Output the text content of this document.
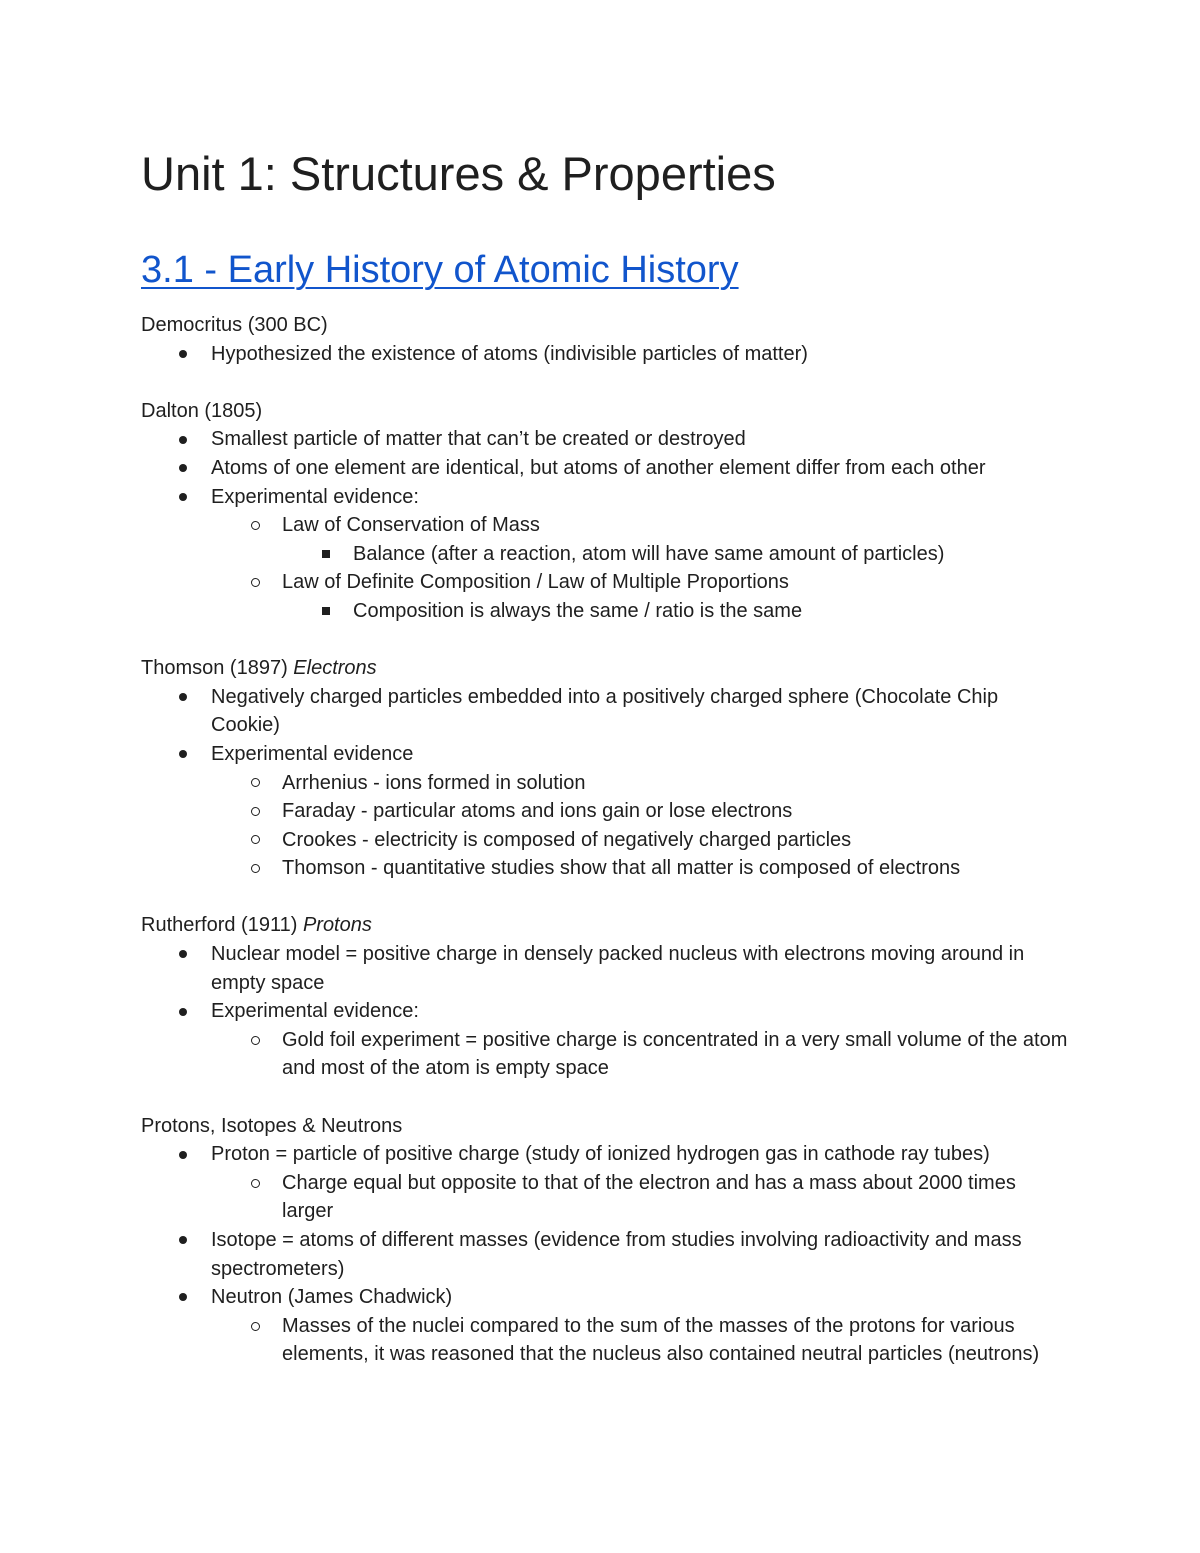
Unit 1: Structures & Properties
3.1 - Early History of Atomic History

Democritus (300 BC)

Hypothesized the existence of atoms (indivisible particles of matter)

Dalton (1805)

Smallest particle of matter that can’t be created or destroyed
Atoms of one element are identical, but atoms of another element differ from each other
Experimental evidence:
Law of Conservation of Mass
Balance (after a reaction, atom will have same amount of particles)
Law of Definite Composition / Law of Multiple Proportions
Composition is always the same / ratio is the same

Thomson (1897) Electrons

Negatively charged particles embedded into a positively charged sphere (Chocolate Chip Cookie)
Experimental evidence
Arrhenius - ions formed in solution
Faraday - particular atoms and ions gain or lose electrons
Crookes - electricity is composed of negatively charged particles
Thomson - quantitative studies show that all matter is composed of electrons

Rutherford (1911) Protons

Nuclear model = positive charge in densely packed nucleus with electrons moving around in empty space
Experimental evidence:
Gold foil experiment = positive charge is concentrated in a very small volume of the atom and most of the atom is empty space

Protons, Isotopes & Neutrons

Proton = particle of positive charge (study of ionized hydrogen gas in cathode ray tubes)
Charge equal but opposite to that of the electron and has a mass about 2000 times larger
Isotope = atoms of different masses (evidence from studies involving radioactivity and mass spectrometers)
Neutron (James Chadwick)
Masses of the nuclei compared to the sum of the masses of the protons for various elements, it was reasoned that the nucleus also contained neutral particles (neutrons)
